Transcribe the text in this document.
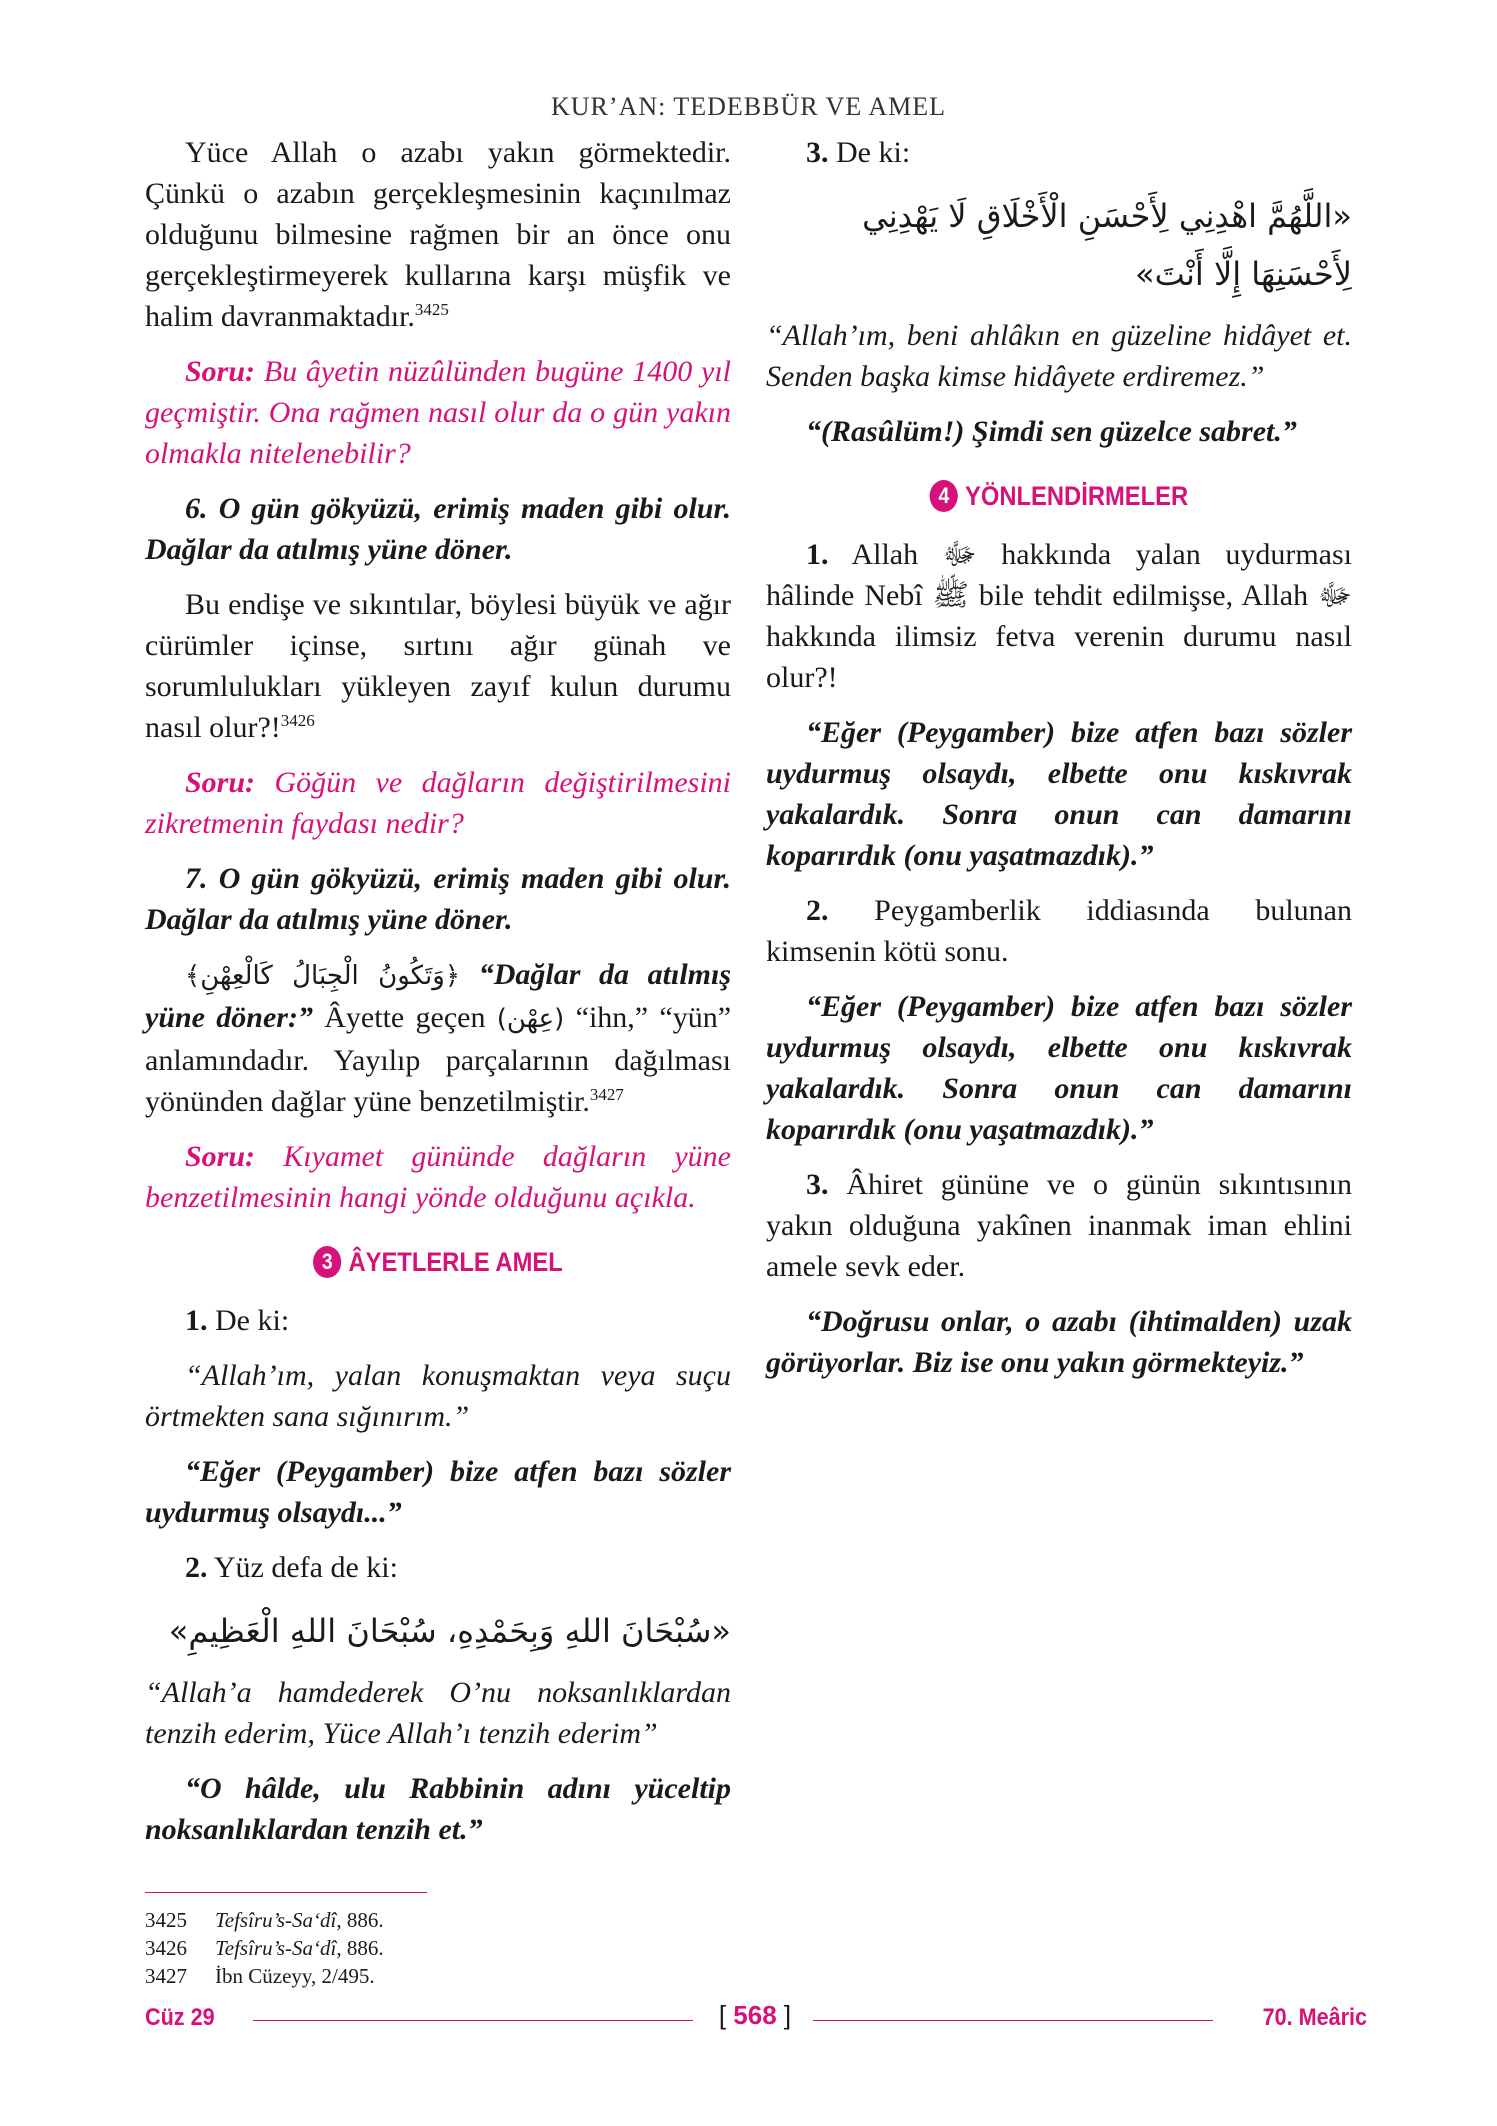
KUR’AN: TEDEBBÜR VE AMEL

Yüce Allah o azabı yakın görmektedir. Çünkü o azabın gerçekleşmesinin kaçınılmaz olduğunu bilmesine rağmen bir an önce onu gerçekleştirmeyerek kullarına karşı müşfik ve halim davranmaktadır.$^{3425}$

Soru: Bu âyetin nüzûlünden bugüne 1400 yıl geçmiştir. Ona rağmen nasıl olur da o gün yakın olmakla nitelenebilir?

6. O gün gökyüzü, erimiş maden gibi olur. Dağlar da atılmış yüne döner.

Bu endişe ve sıkıntılar, böylesi büyük ve ağır cürümler içinse, sırtını ağır günah ve sorumlulukları yükleyen zayıf kulun durumu nasıl olur?!$^{3426}$

Soru: Göğün ve dağların değiştirilmesini zikretmenin faydası nedir?

7. O gün gökyüzü, erimiş maden gibi olur. Dağlar da atılmış yüne döner.

﴿وَتَكُونُ الْجِبَالُ كَالْعِهْنِ﴾ “Dağlar da atılmış yüne döner:” Âyette geçen (عِهْن) “ihn,” “yün” anlamındadır. Yayılıp parçalarının dağılması yönünden dağlar yüne benzetilmiştir.$^{3427}$

Soru: Kıyamet gününde dağların yüne benzetilmesinin hangi yönde olduğunu açıkla.

3 ÂYETLERLE AMEL

1. De ki:

“Allah’ım, yalan konuşmaktan veya suçu örtmekten sana sığınırım.”

“Eğer (Peygamber) bize atfen bazı sözler uydurmuş olsaydı...”

2. Yüz defa de ki:

«سُبْحَانَ اللهِ وَبِحَمْدِهِ، سُبْحَانَ اللهِ الْعَظِيمِ»

“Allah’a hamdederek O’nu noksanlıklardan tenzih ederim, Yüce Allah’ı tenzih ederim”

“O hâlde, ulu Rabbinin adını yüceltip noksanlıklardan tenzih et.”

3. De ki:

«اللَّهُمَّ اهْدِنِي لِأَحْسَنِ الْأَخْلَاقِ لَا يَهْدِنِي لِأَحْسَنِهَا إِلَّا أَنْتَ»

“Allah’ım, beni ahlâkın en güzeline hidâyet et. Senden başka kimse hidâyete erdiremez.”

“(Rasûlüm!) Şimdi sen güzelce sabret.”

4 YÖNLENDİRMELER

1. Allah ﷻ hakkında yalan uydurması hâlinde Nebî ﷺ bile tehdit edilmişse, Allah ﷻ hakkında ilimsiz fetva verenin durumu nasıl olur?!

“Eğer (Peygamber) bize atfen bazı sözler uydurmuş olsaydı, elbette onu kıskıvrak yakalardık. Sonra onun can damarını koparırdık (onu yaşatmazdık).”

2. Peygamberlik iddiasında bulunan kimsenin kötü sonu.

“Eğer (Peygamber) bize atfen bazı sözler uydurmuş olsaydı, elbette onu kıskıvrak yakalardık. Sonra onun can damarını koparırdık (onu yaşatmazdık).”

3. Âhiret gününe ve o günün sıkıntısının yakın olduğuna yakînen inanmak iman ehlini amele sevk eder.

“Doğrusu onlar, o azabı (ihtimalden) uzak görüyorlar. Biz ise onu yakın görmekteyiz.”

3425	Tefsîru’s-Sa‘dî, 886.
3426	Tefsîru’s-Sa‘dî, 886.
3427	İbn Cüzeyy, 2/495.
Cüz 29	[ 568 ]	70. Meâric
